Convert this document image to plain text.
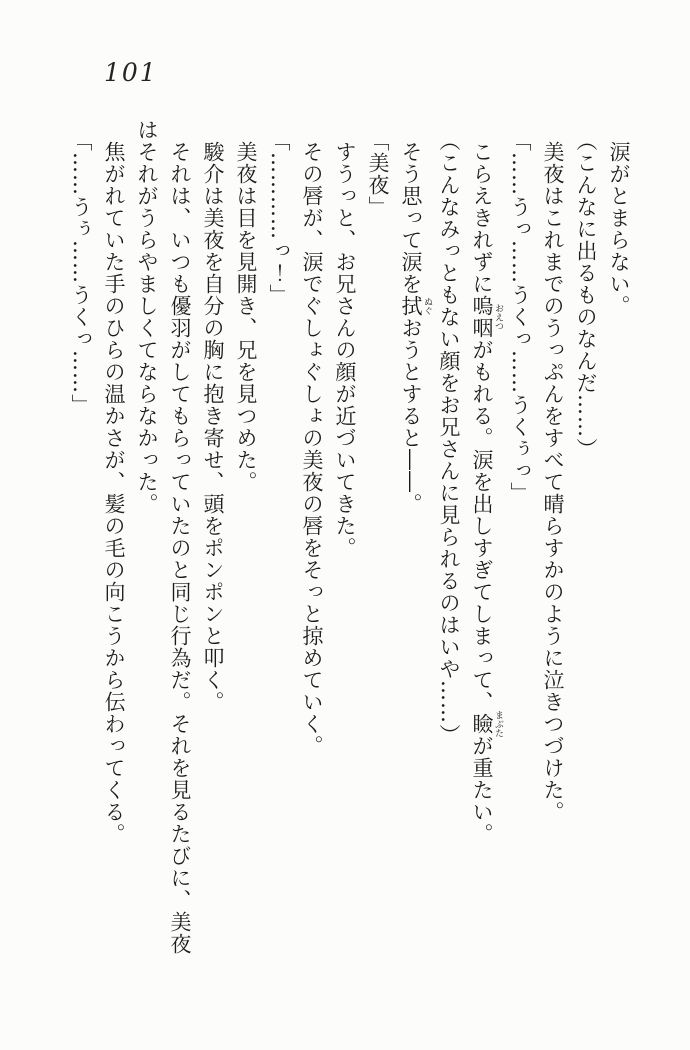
101

涙がとまらない。

（こんなに出るものなんだ……）

美夜はこれまでのうっぷんをすべて晴らすかのように泣きつづけた。

「……うっ……うくっ……うくぅっ」

こらえきれずに嗚咽 おえつがもれる。涙を出しすぎてしまって、瞼 まぶたが重たい。

（こんなみっともない顔をお兄さんに見られるのはいや……）

そう思って涙を拭 ぬぐおうとすると――。

「美夜」

すうっと、お兄さんの顔が近づいてきた。

その唇が、涙でぐしょぐしょの美夜の唇をそっと掠めていく。

「…………っ！」

美夜は目を見開き、兄を見つめた。

駿介は美夜を自分の胸に抱き寄せ、頭をポンポンと叩く。

それは、いつも優羽がしてもらっていたのと同じ行為だ。それを見るたびに、美夜

はそれがうらやましくてならなかった。

焦がれていた手のひらの温かさが、髪の毛の向こうから伝わってくる。

「……うぅ……うくっ……」
